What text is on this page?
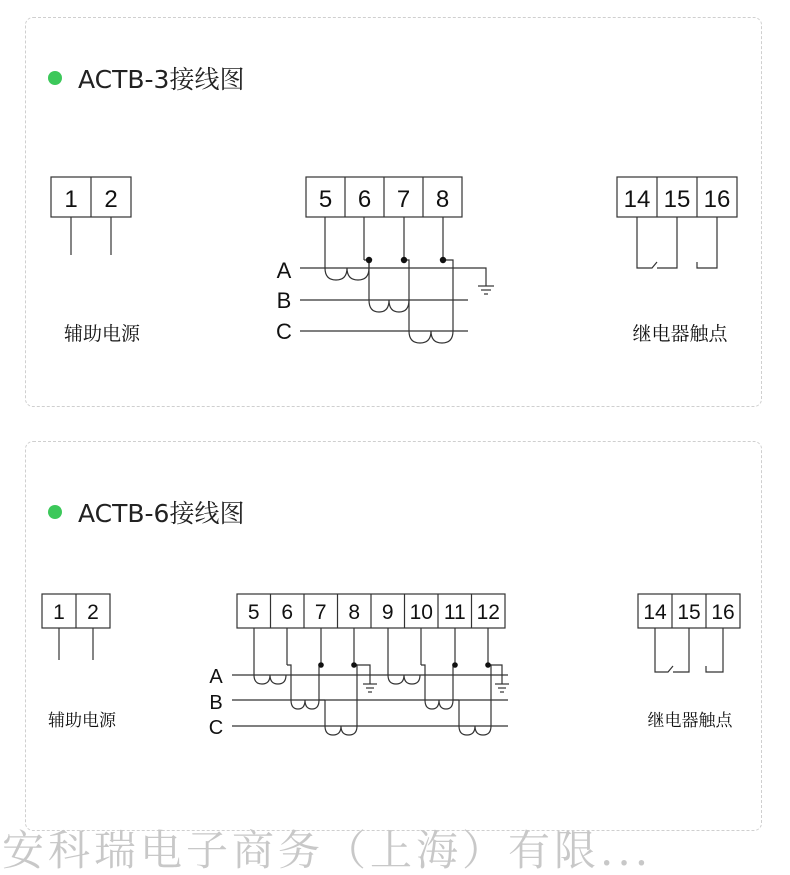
ACTB-3接线图
ACTB-6接线图
1 2
辅助电源
5 6 7 8
A
B
C
14 15 16
继电器触点
1 2
辅助电源
5 6 7 8 9 10 11 12
A
B
C
14 15 16
继电器触点
安科瑞电子商务（上海）有限...
